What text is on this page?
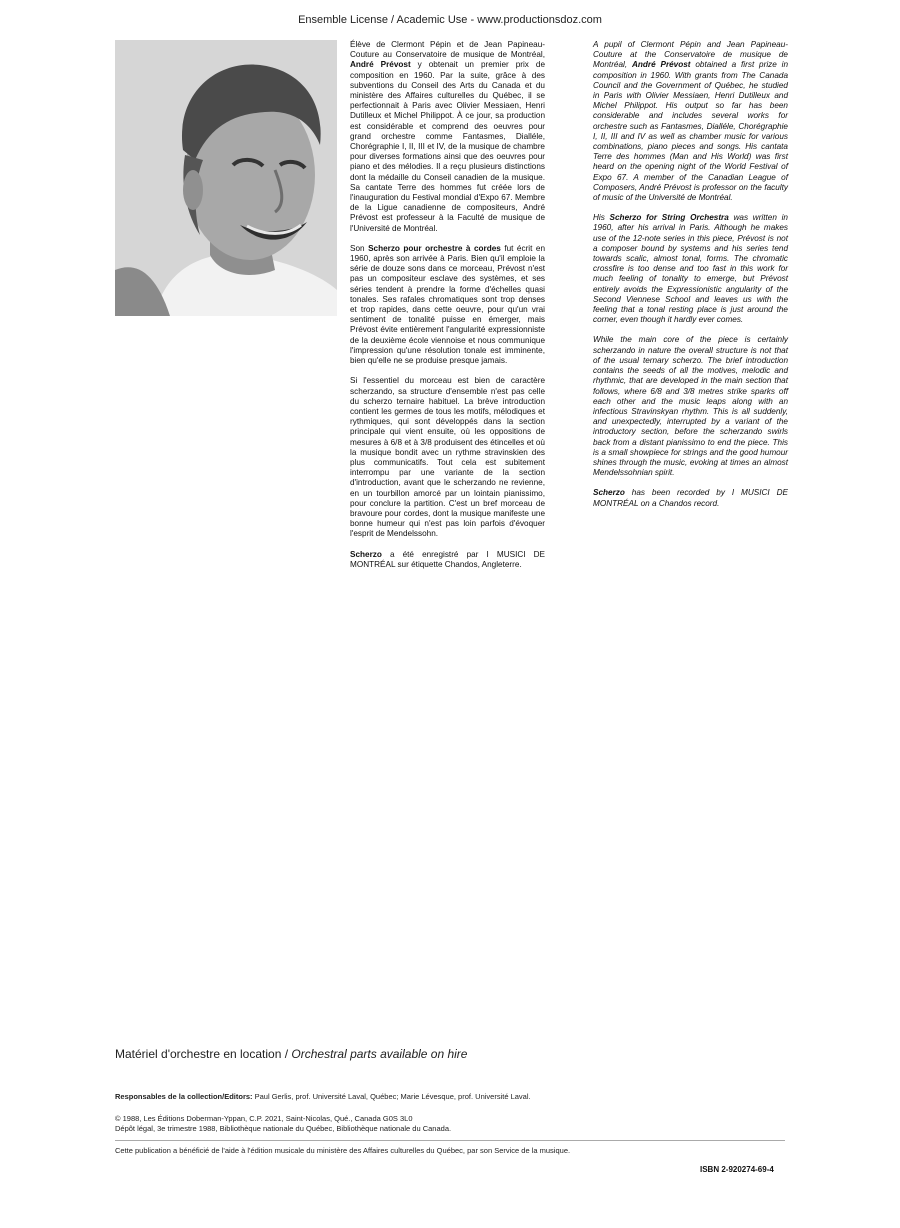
Ensemble License / Academic Use - www.productionsdoz.com

Élève de Clermont Pépin et de Jean Papineau-Couture au Conservatoire de musique de Montréal, André Prévost y obtenait un premier prix de composition en 1960. Par la suite, grâce à des subventions du Conseil des Arts du Canada et du ministère des Affaires culturelles du Québec, il se perfectionnait à Paris avec Olivier Messiaen, Henri Dutilleux et Michel Philippot. À ce jour, sa production est considérable et comprend des oeuvres pour grand orchestre comme Fantasmes, Dialléle, Chorégraphie I, II, III et IV, de la musique de chambre pour diverses formations ainsi que des oeuvres pour piano et des mélodies. Il a reçu plusieurs distinctions dont la médaille du Conseil canadien de la musique. Sa cantate Terre des hommes fut créée lors de l'inauguration du Festival mondial d'Expo 67. Membre de la Ligue canadienne de compositeurs, André Prévost est professeur à la Faculté de musique de l'Université de Montréal.

Son Scherzo pour orchestre à cordes fut écrit en 1960, après son arrivée à Paris. Bien qu'il emploie la série de douze sons dans ce morceau, Prévost n'est pas un compositeur esclave des systèmes, et ses séries tendent à prendre la forme d'échelles quasi tonales. Ses rafales chromatiques sont trop denses et trop rapides, dans cette oeuvre, pour qu'un vrai sentiment de tonalité puisse en émerger, mais Prévost évite entièrement l'angularité expressionniste de la deuxième école viennoise et nous communique l'impression qu'une résolution tonale est imminente, bien qu'elle ne se produise presque jamais.

Si l'essentiel du morceau est bien de caractère scherzando, sa structure d'ensemble n'est pas celle du scherzo ternaire habituel. La brève introduction contient les germes de tous les motifs, mélodiques et rythmiques, qui sont développés dans la section principale qui vient ensuite, où les oppositions de mesures à 6/8 et à 3/8 produisent des étincelles et où la musique bondit avec un rythme stravinskien des plus communicatifs. Tout cela est subitement interrompu par une variante de la section d'introduction, avant que le scherzando ne revienne, en un tourbillon amorcé par un lointain pianissimo, pour conclure la partition. C'est un bref morceau de bravoure pour cordes, dont la musique manifeste une bonne humeur qui n'est pas loin parfois d'évoquer l'esprit de Mendelssohn.

Scherzo a été enregistré par I MUSICI DE MONTRÉAL sur étiquette Chandos, Angleterre.

A pupil of Clermont Pépin and Jean Papineau-Couture at the Conservatoire de musique de Montréal, André Prévost obtained a first prize in composition in 1960. With grants from The Canada Council and the Government of Québec, he studied in Paris with Olivier Messiaen, Henri Dutilleux and Michel Philippot. His output so far has been considerable and includes several works for orchestre such as Fantasmes, Dialléle, Chorégraphie I, II, III and IV as well as chamber music for various combinations, piano pieces and songs. His cantata Terre des hommes (Man and His World) was first heard on the opening night of the World Festival of Expo 67. A member of the Canadian League of Composers, André Prévost is professor on the faculty of music of the Université de Montréal.

His Scherzo for String Orchestra was written in 1960, after his arrival in Paris. Although he makes use of the 12-note series in this piece, Prévost is not a composer bound by systems and his series tend towards scalic, almost tonal, forms. The chromatic crossfire is too dense and too fast in this work for much feeling of tonality to emerge, but Prévost entirely avoids the Expressionistic angularity of the Second Viennese School and leaves us with the feeling that a tonal resting place is just around the corner, even though it hardly ever comes.

While the main core of the piece is certainly scherzando in nature the overall structure is not that of the usual ternary scherzo. The brief introduction contains the seeds of all the motives, melodic and rhythmic, that are developed in the main section that follows, where 6/8 and 3/8 metres strike sparks off each other and the music leaps along with an infectious Stravinskyan rhythm. This is all suddenly, and unexpectedly, interrupted by a variant of the introductory section, before the scherzando swirls back from a distant pianissimo to end the piece. This is a small showpiece for strings and the good humour shines through the music, evoking at times an almost Mendelssohnian spirit.

Scherzo has been recorded by I MUSICI DE MONTRÉAL on a Chandos record.

Matériel d'orchestre en location / Orchestral parts available on hire
Responsables de la collection/Editors: Paul Gerlis, prof. Université Laval, Québec; Marie Lévesque, prof. Université Laval.
© 1988, Les Éditions Doberman-Yppan, C.P. 2021, Saint-Nicolas, Qué., Canada G0S 3L0
Dépôt légal, 3e trimestre 1988, Bibliothèque nationale du Québec, Bibliothèque nationale du Canada.
Cette publication a bénéficié de l'aide à l'édition musicale du ministère des Affaires culturelles du Québec, par son Service de la musique.
ISBN 2-920274-69-4
